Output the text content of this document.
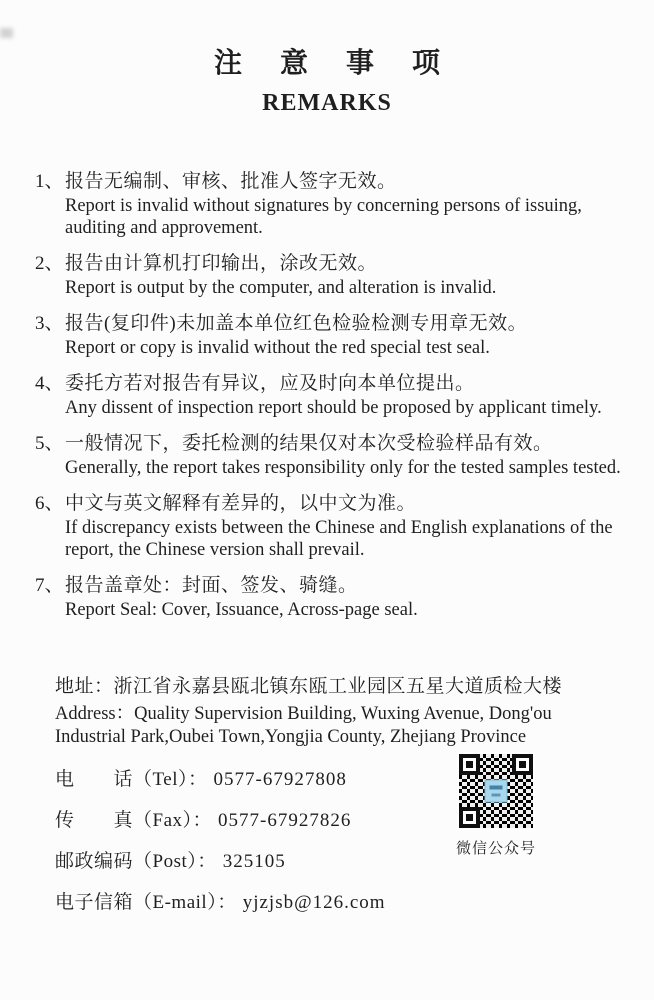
注意事项
REMARKS
1、 报告无编制、审核、批准人签字无效。
Report is invalid without signatures by concerning persons of issuing, auditing and approvement.
2、 报告由计算机打印输出，涂改无效。
Report is output by the computer, and alteration is invalid.
3、 报告(复印件)未加盖本单位红色检验检测专用章无效。
Report or copy is invalid without the red special test seal.
4、 委托方若对报告有异议，应及时向本单位提出。
Any dissent of inspection report should be proposed by applicant timely.
5、 一般情况下，委托检测的结果仅对本次受检验样品有效。
Generally, the report takes responsibility only for the tested samples tested.
6、 中文与英文解释有差异的，以中文为准。
If discrepancy exists between the Chinese and English explanations of the report, the Chinese version shall prevail.
7、 报告盖章处：封面、签发、骑缝。
Report Seal: Cover, Issuance, Across-page seal.
地址：浙江省永嘉县瓯北镇东瓯工业园区五星大道质检大楼
Address：Quality Supervision Building, Wuxing Avenue, Dong'ou Industrial Park,Oubei Town,Yongjia County, Zhejiang Province
电　　话（Tel）： 0577-67927808
传　　真（Fax）： 0577-67927826
邮政编码（Post）： 325105
电子信箱（E-mail）： yjzjsb@126.com
微信公众号
